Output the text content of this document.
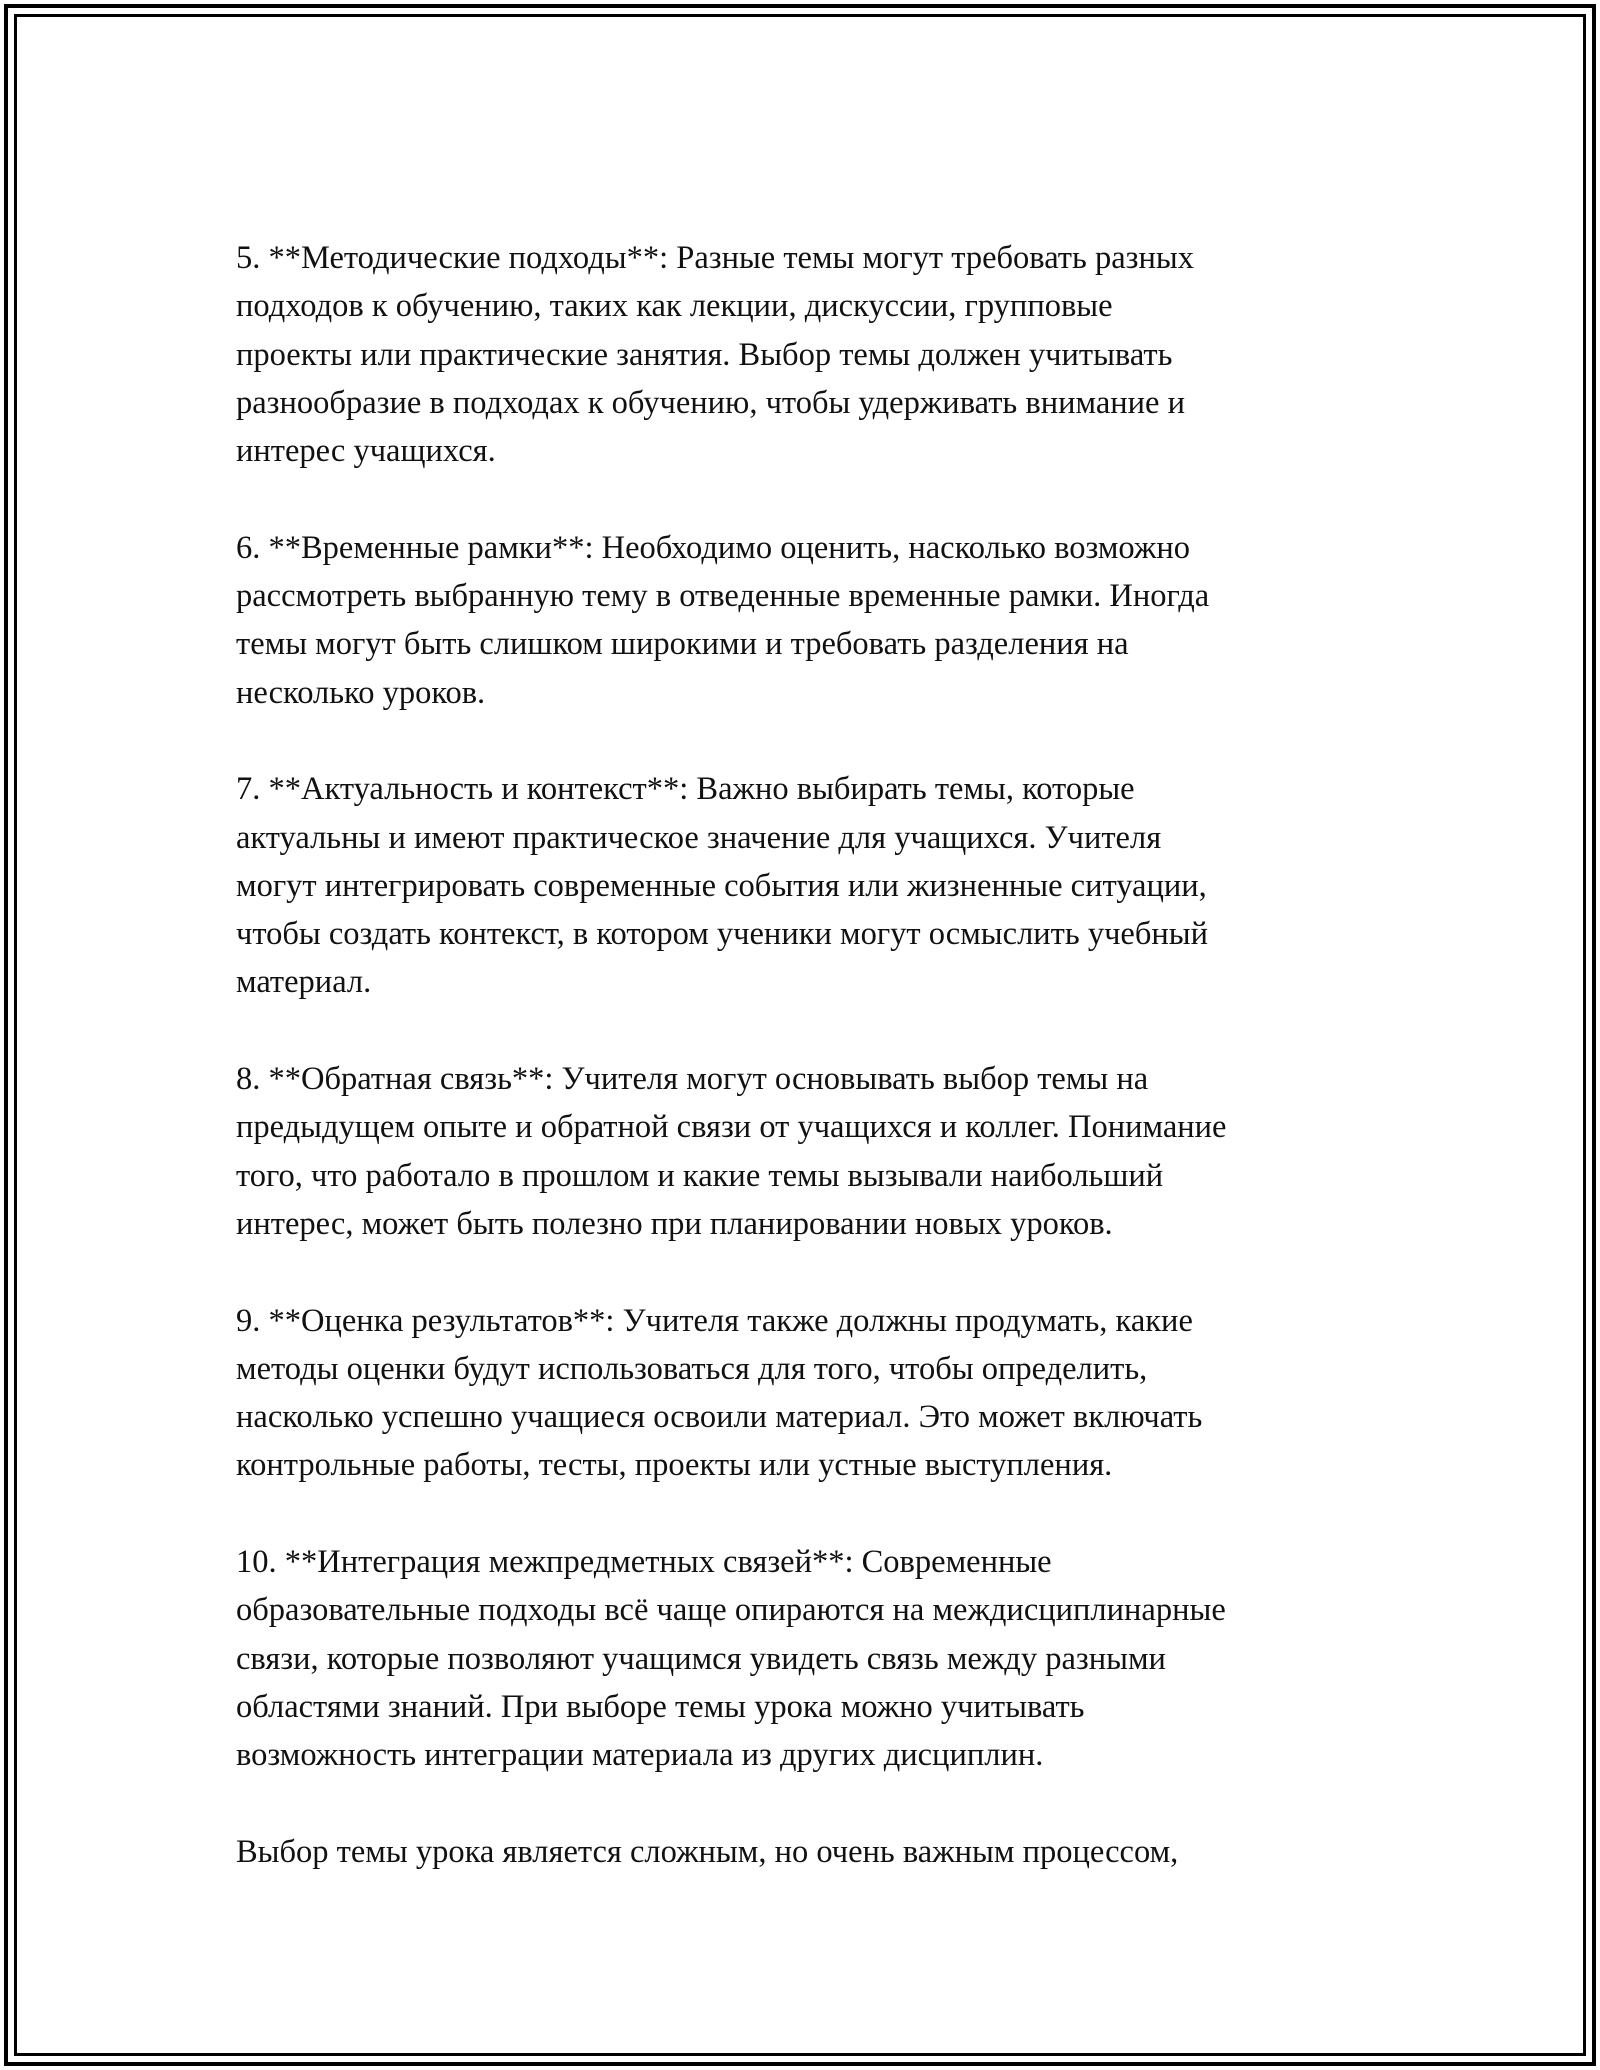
5. **Методические подходы**: Разные темы могут требовать разных
подходов к обучению, таких как лекции, дискуссии, групповые
проекты или практические занятия. Выбор темы должен учитывать
разнообразие в подходах к обучению, чтобы удерживать внимание и
интерес учащихся.

6. **Временные рамки**: Необходимо оценить, насколько возможно
рассмотреть выбранную тему в отведенные временные рамки. Иногда
темы могут быть слишком широкими и требовать разделения на
несколько уроков.

7. **Актуальность и контекст**: Важно выбирать темы, которые
актуальны и имеют практическое значение для учащихся. Учителя
могут интегрировать современные события или жизненные ситуации,
чтобы создать контекст, в котором ученики могут осмыслить учебный
материал.

8. **Обратная связь**: Учителя могут основывать выбор темы на
предыдущем опыте и обратной связи от учащихся и коллег. Понимание
того, что работало в прошлом и какие темы вызывали наибольший
интерес, может быть полезно при планировании новых уроков.

9. **Оценка результатов**: Учителя также должны продумать, какие
методы оценки будут использоваться для того, чтобы определить,
насколько успешно учащиеся освоили материал. Это может включать
контрольные работы, тесты, проекты или устные выступления.

10. **Интеграция межпредметных связей**: Современные
образовательные подходы всё чаще опираются на междисциплинарные
связи, которые позволяют учащимся увидеть связь между разными
областями знаний. При выборе темы урока можно учитывать
возможность интеграции материала из других дисциплин.

Выбор темы урока является сложным, но очень важным процессом,
